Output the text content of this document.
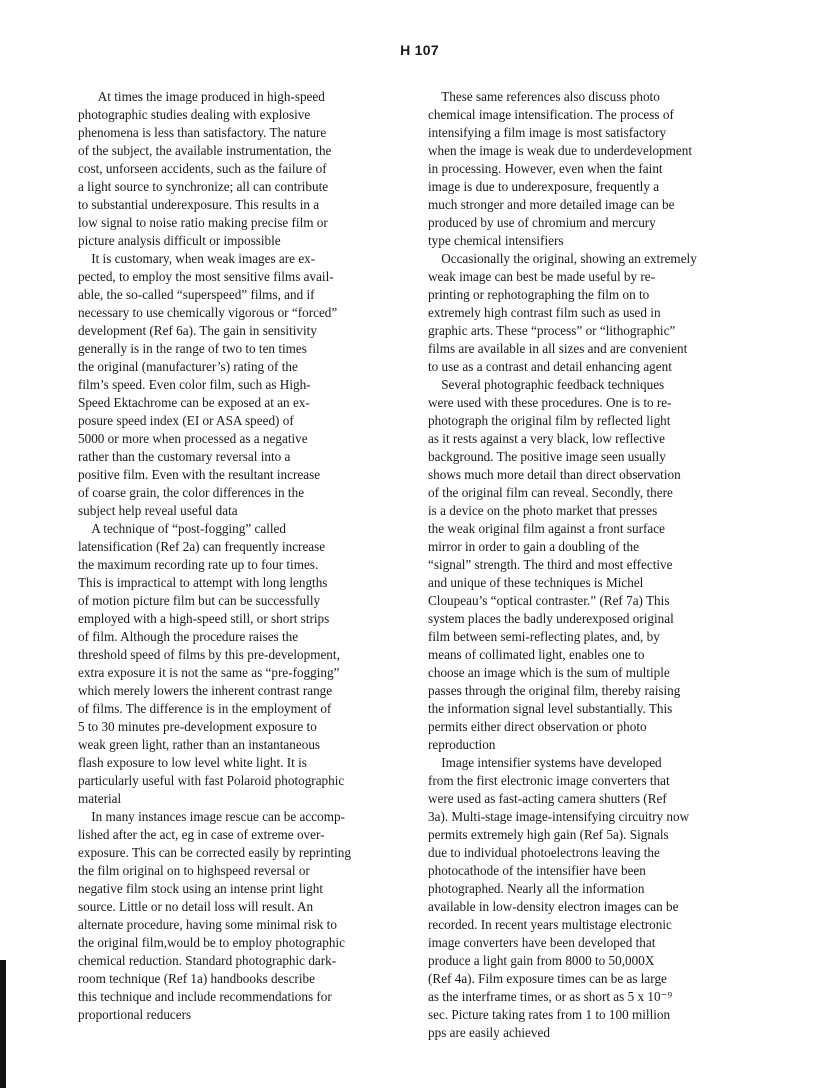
H 107
At times the image produced in high-speed
photographic studies dealing with explosive
phenomena is less than satisfactory. The nature
of the subject, the available instrumentation, the
cost, unforseen accidents, such as the failure of
a light source to synchronize; all can contribute
to substantial underexposure. This results in a
low signal to noise ratio making precise film or
picture analysis difficult or impossible
It is customary, when weak images are ex-
pected, to employ the most sensitive films avail-
able, the so-called “superspeed” films, and if
necessary to use chemically vigorous or “forced”
development (Ref 6a). The gain in sensitivity
generally is in the range of two to ten times
the original (manufacturer’s) rating of the
film’s speed. Even color film, such as High-
Speed Ektachrome can be exposed at an ex-
posure speed index (EI or ASA speed) of
5000 or more when processed as a negative
rather than the customary reversal into a
positive film. Even with the resultant increase
of coarse grain, the color differences in the
subject help reveal useful data
A technique of “post-fogging” called
latensification (Ref 2a) can frequently increase
the maximum recording rate up to four times.
This is impractical to attempt with long lengths
of motion picture film but can be successfully
employed with a high-speed still, or short strips
of film. Although the procedure raises the
threshold speed of films by this pre-development,
extra exposure it is not the same as “pre-fogging”
which merely lowers the inherent contrast range
of films. The difference is in the employment of
5 to 30 minutes pre-development exposure to
weak green light, rather than an instantaneous
flash exposure to low level white light. It is
particularly useful with fast Polaroid photographic
material
In many instances image rescue can be accomp-
lished after the act, eg in case of extreme over-
exposure. This can be corrected easily by reprinting
the film original on to highspeed reversal or
negative film stock using an intense print light
source. Little or no detail loss will result. An
alternate procedure, having some minimal risk to
the original film,would be to employ photographic
chemical reduction. Standard photographic dark-
room technique (Ref 1a) handbooks describe
this technique and include recommendations for
proportional reducers
These same references also discuss photo
chemical image intensification. The process of
intensifying a film image is most satisfactory
when the image is weak due to underdevelopment
in processing. However, even when the faint
image is due to underexposure, frequently a
much stronger and more detailed image can be
produced by use of chromium and mercury
type chemical intensifiers
Occasionally the original, showing an extremely
weak image can best be made useful by re-
printing or rephotographing the film on to
extremely high contrast film such as used in
graphic arts. These “process” or “lithographic”
films are available in all sizes and are convenient
to use as a contrast and detail enhancing agent
Several photographic feedback techniques
were used with these procedures. One is to re-
photograph the original film by reflected light
as it rests against a very black, low reflective
background. The positive image seen usually
shows much more detail than direct observation
of the original film can reveal. Secondly, there
is a device on the photo market that presses
the weak original film against a front surface
mirror in order to gain a doubling of the
“signal” strength. The third and most effective
and unique of these techniques is Michel
Cloupeau’s “optical contraster.” (Ref 7a) This
system places the badly underexposed original
film between semi-reflecting plates, and, by
means of collimated light, enables one to
choose an image which is the sum of multiple
passes through the original film, thereby raising
the information signal level substantially. This
permits either direct observation or photo
reproduction
Image intensifier systems have developed
from the first electronic image converters that
were used as fast-acting camera shutters (Ref
3a). Multi-stage image-intensifying circuitry now
permits extremely high gain (Ref 5a). Signals
due to individual photoelectrons leaving the
photocathode of the intensifier have been
photographed. Nearly all the information
available in low-density electron images can be
recorded. In recent years multistage electronic
image converters have been developed that
produce a light gain from 8000 to 50,000X
(Ref 4a). Film exposure times can be as large
as the interframe times, or as short as 5 x 10⁻⁹
sec. Picture taking rates from 1 to 100 million
pps are easily achieved
